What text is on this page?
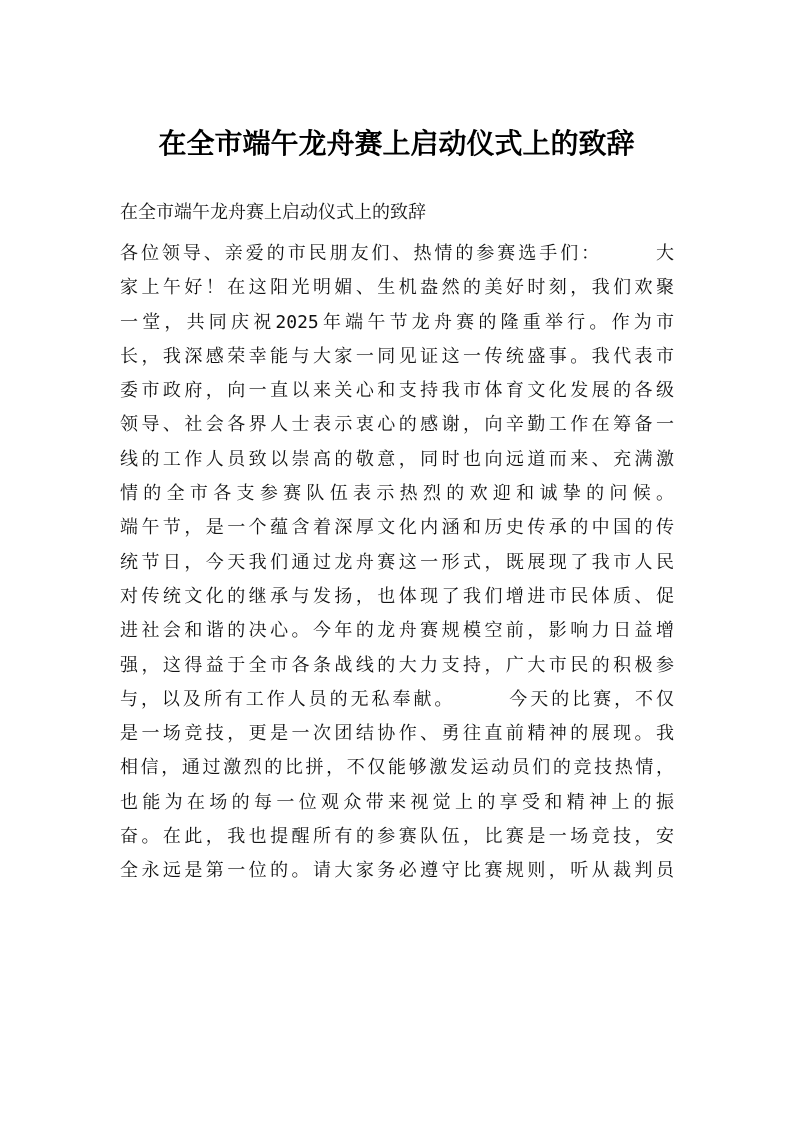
在全市端午龙舟赛上启动仪式上的致辞

在全市端午龙舟赛上启动仪式上的致辞

各位领导、亲爱的市民朋友们、热情的参赛选手们：　　　大
家上午好！在这阳光明媚、生机盎然的美好时刻，我们欢聚
一堂，共同庆祝2025年端午节龙舟赛的隆重举行。作为市
长，我深感荣幸能与大家一同见证这一传统盛事。我代表市
委市政府，向一直以来关心和支持我市体育文化发展的各级
领导、社会各界人士表示衷心的感谢，向辛勤工作在筹备一
线的工作人员致以崇高的敬意，同时也向远道而来、充满激
情的全市各支参赛队伍表示热烈的欢迎和诚挚的问候。
端午节，是一个蕴含着深厚文化内涵和历史传承的中国的传
统节日，今天我们通过龙舟赛这一形式，既展现了我市人民
对传统文化的继承与发扬，也体现了我们增进市民体质、促
进社会和谐的决心。今年的龙舟赛规模空前，影响力日益增
强，这得益于全市各条战线的大力支持，广大市民的积极参
与，以及所有工作人员的无私奉献。　　　今天的比赛，不仅
是一场竞技，更是一次团结协作、勇往直前精神的展现。我
相信，通过激烈的比拼，不仅能够激发运动员们的竞技热情，
也能为在场的每一位观众带来视觉上的享受和精神上的振
奋。在此，我也提醒所有的参赛队伍，比赛是一场竞技，安
全永远是第一位的。请大家务必遵守比赛规则，听从裁判员
